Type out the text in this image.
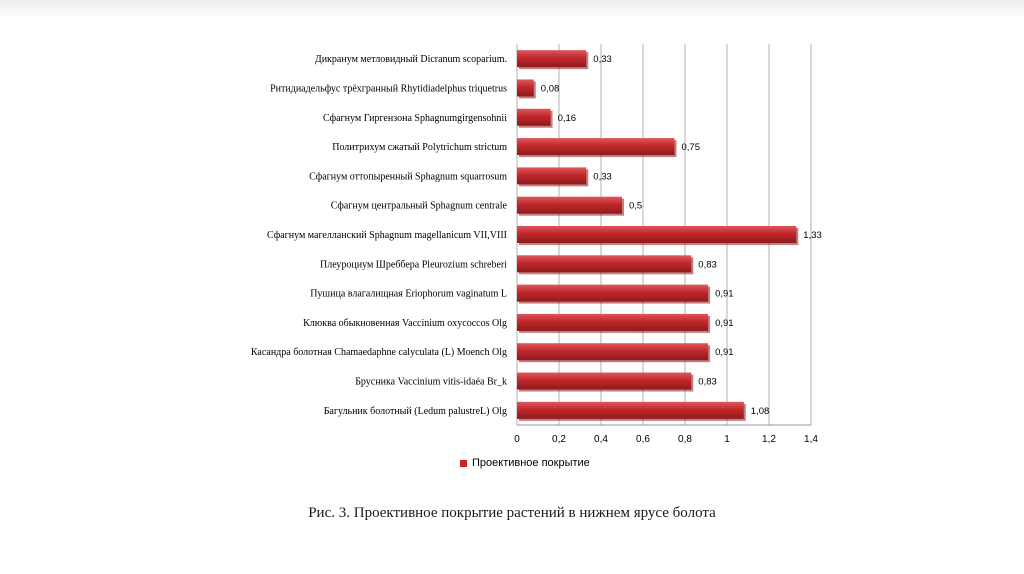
0	0,2	0,4	0,6	0,8	1	1,2	1,4
0,33
Дикранум метловидный Dicranum scoparium.
0,08
Ритидиадельфус трёхгранный Rhytidiadelphus triquetrus
0,16
Сфагнум Гиргензона Sphagnumgirgensohnii
0,75
Политрихум сжатый Polytrichum strictum
0,33
Сфагнум оттопыренный Sphagnum squarrosum
0,5
Сфагнум центральный Sphagnum centrale
1,33
Сфагнум магелланский Sphagnum magellanicum VII,VIII
0,83
Плеуроциум Шреббера Pleurozium schreberi
0,91
Пушица влагалищная Eriophorum vaginatum L
0,91
Клюква обыкновенная Vaccinium oxycoccos Olg
0,91
Касандра болотная Chamaedaphne calyculata (L) Moench Olg
0,83
Брусника Vaccinium vitis-idaéa Br_k
1,08
Багульник болотный (Ledum palustreL) Olg
Проективное покрытие
Рис. 3. Проективное покрытие растений в нижнем ярусе болота
